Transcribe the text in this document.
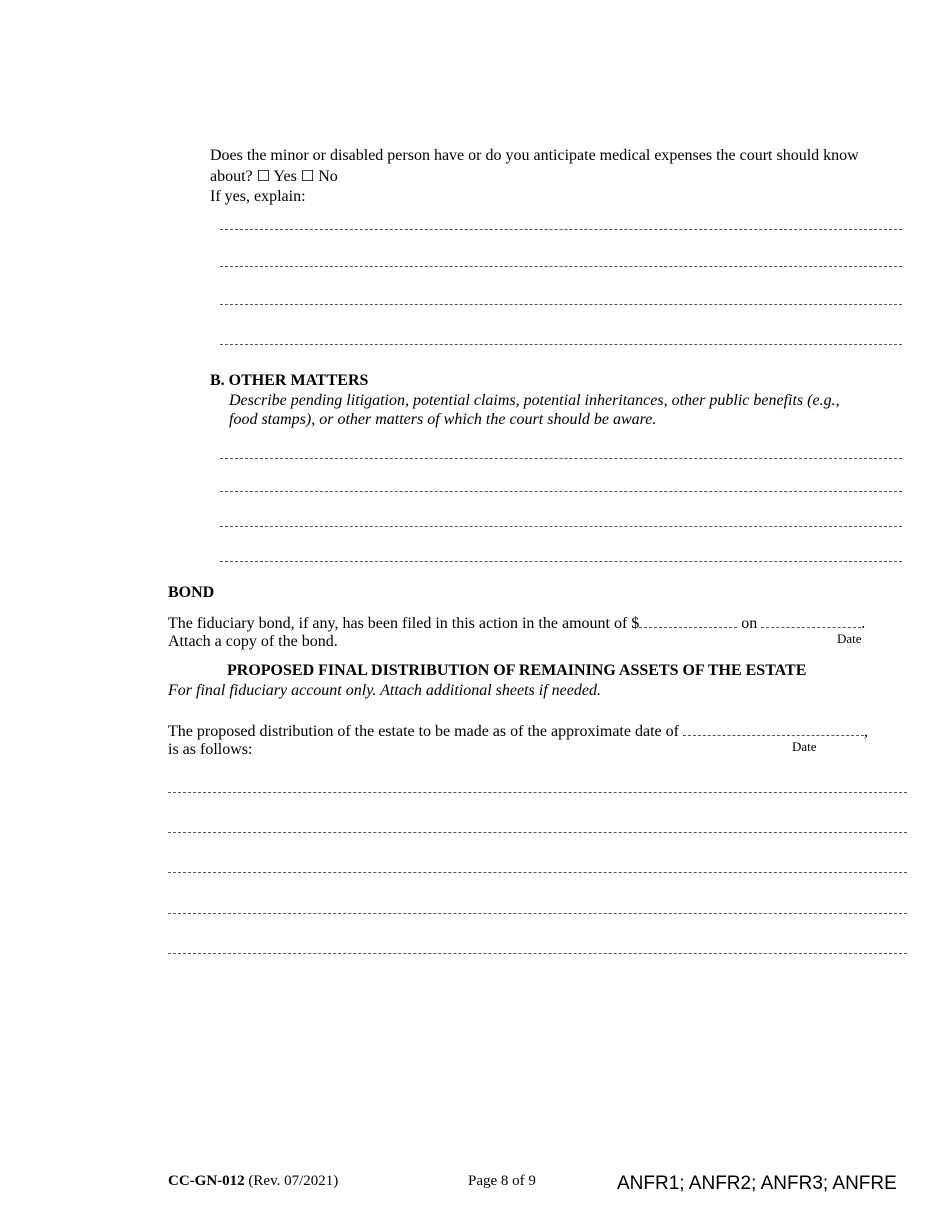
Does the minor or disabled person have or do you anticipate medical expenses the court should know
about? ☐ Yes ☐ No
If yes, explain:
B. OTHER MATTERS
Describe pending litigation, potential claims, potential inheritances, other public benefits (e.g.,
food stamps), or other matters of which the court should be aware.
BOND
The fiduciary bond, if any, has been filed in this action in the amount of $	on	.
Date
Attach a copy of the bond.
PROPOSED FINAL DISTRIBUTION OF REMAINING ASSETS OF THE ESTATE
For final fiduciary account only. Attach additional sheets if needed.
The proposed distribution of the estate to be made as of the approximate date of	,
Date
is as follows:
CC-GN-012 (Rev. 07/2021)	Page 8 of 9	ANFR1; ANFR2; ANFR3; ANFRE
